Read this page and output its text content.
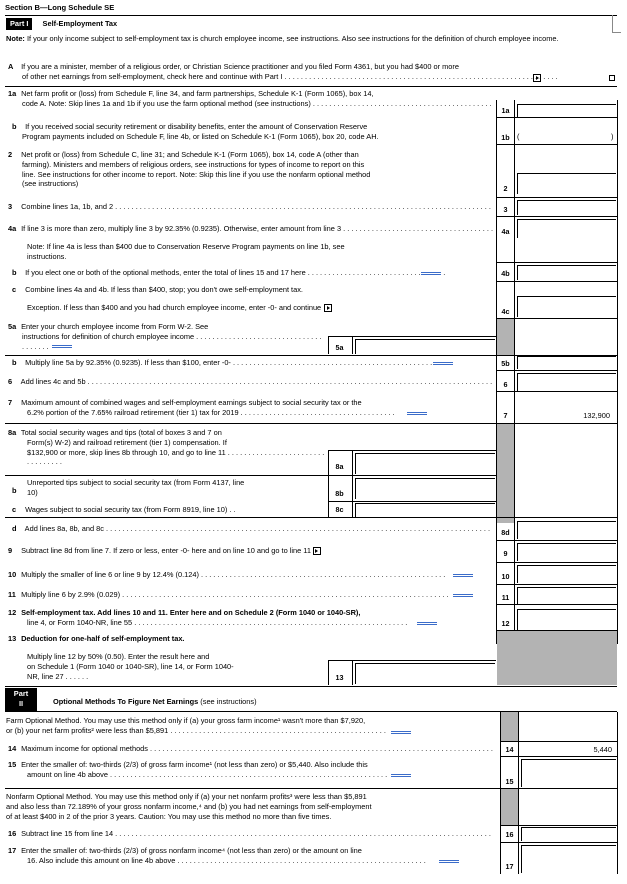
Section B—Long Schedule SE
Part I Self-Employment Tax
Note: If your only income subject to self-employment tax is church employee income, see instructions. Also see instructions for the definition of church employee income.
A If you are a minister, member of a religious order, or Christian Science practitioner and you filed Form 4361, but you had $400 or more
of other net earnings from self-employment, check here and continue with Part I . . .
1a Net farm profit or (loss) from Schedule F, line 34, and farm partnerships, Schedule K-1 (Form 1065), box 14,
code A. Note: Skip lines 1a and 1b if you use the farm optional method (see instructions) . . .
1a
b If you received social security retirement or disability benefits, enter the amount of Conservation Reserve
Program payments included on Schedule F, line 4b, or listed on Schedule K-1 (Form 1065), box 20, code AH.	1b (	)
2 Net profit or (loss) from Schedule C, line 31; and Schedule K-1 (Form 1065), box 14, code A (other than
farming). Ministers and members of religious orders, see instructions for types of income to report on this
line. See instructions for other income to report. Note: Skip this line if you use the nonfarm optional method
(see instructions)
2
3 Combine lines 1a, 1b, and 2 . . .	3
4a If line 3 is more than zero, multiply line 3 by 92.35% (0.9235). Otherwise, enter amount from line 3 . . .	4a
Note: If line 4a is less than $400 due to Conservation Reserve Program payments on line 1b, see
instructions.
b If you elect one or both of the optional methods, enter the total of lines 15 and 17 here . . .	4b
c Combine lines 4a and 4b. If less than $400, stop; you don't owe self-employment tax.
Exception. If less than $400 and you had church employee income, enter -0- and continue	4c
5a Enter your church employee income from Form W-2. See
instructions for definition of church employee income . . .
. . . . . . .	5a
b Multiply line 5a by 92.35% (0.9235). If less than $100, enter -0- . . .	5b
6 Add lines 4c and 5b . . .	6
7 Maximum amount of combined wages and self-employment earnings subject to social security tax or the
6.2% portion of the 7.65% railroad retirement (tier 1) tax for 2019 . . .	7	132,900
8a Total social security wages and tips (total of boxes 3 and 7 on
Form(s) W-2) and railroad retirement (tier 1) compensation. If
$132,900 or more, skip lines 8b through 10, and go to line 11 . . .
. . . . . . . . .
8a
b
Unreported tips subject to social security tax (from Form 4137, line
10)	8b
c Wages subject to social security tax (from Form 8919, line 10) . .	8c
d Add lines 8a, 8b, and 8c . . .	8d
9 Subtract line 8d from line 7. If zero or less, enter -0- here and on line 10 and go to line 11	9
10 Multiply the smaller of line 6 or line 9 by 12.4% (0.124) . . .	10
11 Multiply line 6 by 2.9% (0.029) . . .	11
12 Self-employment tax. Add lines 10 and 11. Enter here and on Schedule 2 (Form 1040 or 1040-SR),
line 4, or Form 1040-NR, line 55 . . .	12
13 Deduction for one-half of self-employment tax.
Multiply line 12 by 50% (0.50). Enter the result here and
on Schedule 1 (Form 1040 or 1040-SR), line 14, or Form 1040-
NR, line 27 . . . . . .	13
Part
II	Optional Methods To Figure Net Earnings (see instructions)
Farm Optional Method. You may use this method only if (a) your gross farm income¹ wasn't more than $7,920,
or (b) your net farm profits² were less than $5,891 . . .
14 Maximum income for optional methods . . .	14	5,440
15 Enter the smaller of: two-thirds (2/3) of gross farm income¹ (not less than zero) or $5,440. Also include this
amount on line 4b above . . .
15
Nonfarm Optional Method. You may use this method only if (a) your net nonfarm profits³ were less than $5,891
and also less than 72.189% of your gross nonfarm income,⁴ and (b) you had net earnings from self-employment
of at least $400 in 2 of the prior 3 years. Caution: You may use this method no more than five times.
16 Subtract line 15 from line 14 . . .	16
17 Enter the smaller of: two-thirds (2/3) of gross nonfarm income⁴ (not less than zero) or the amount on line
16. Also include this amount on line 4b above . . .
17
